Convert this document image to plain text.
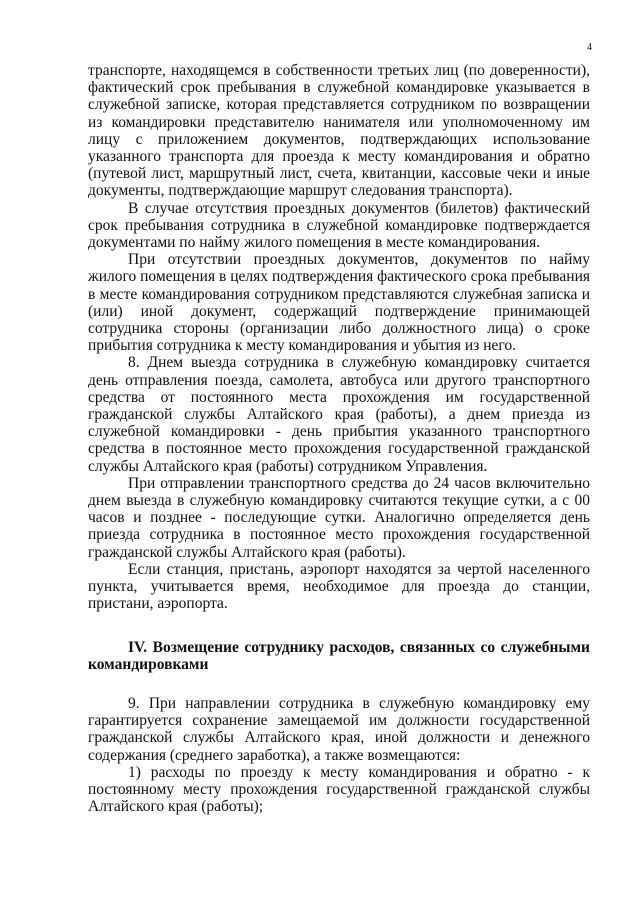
4

транспорте, находящемся в собственности третьих лиц (по доверенности), фактический срок пребывания в служебной командировке указывается в служебной записке, которая представляется сотрудником по возвращении из командировки представителю нанимателя или уполномоченному им лицу с приложением документов, подтверждающих использование указанного транспорта для проезда к месту командирования и обратно (путевой лист, маршрутный лист, счета, квитанции, кассовые чеки и иные документы, подтверждающие маршрут следования транспорта).

В случае отсутствия проездных документов (билетов) фактический срок пребывания сотрудника в служебной командировке подтверждается документами по найму жилого помещения в месте командирования.

При отсутствии проездных документов, документов по найму жилого помещения в целях подтверждения фактического срока пребывания в месте командирования сотрудником представляются служебная записка и (или) иной документ, содержащий подтверждение принимающей сотрудника стороны (организации либо должностного лица) о сроке прибытия сотрудника к месту командирования и убытия из него.

8. Днем выезда сотрудника в служебную командировку считается день отправления поезда, самолета, автобуса или другого транспортного средства от постоянного места прохождения им государственной гражданской службы Алтайского края (работы), а днем приезда из служебной командировки - день прибытия указанного транспортного средства в постоянное место прохождения государственной гражданской службы Алтайского края (работы) сотрудником Управления.

При отправлении транспортного средства до 24 часов включительно днем выезда в служебную командировку считаются текущие сутки, а с 00 часов и позднее - последующие сутки. Аналогично определяется день приезда сотрудника в постоянное место прохождения государственной гражданской службы Алтайского края (работы).

Если станция, пристань, аэропорт находятся за чертой населенного пункта, учитывается время, необходимое для проезда до станции, пристани, аэропорта.

IV. Возмещение сотруднику расходов, связанных со служебными командировками

9. При направлении сотрудника в служебную командировку ему гарантируется сохранение замещаемой им должности государственной гражданской службы Алтайского края, иной должности и денежного содержания (среднего заработка), а также возмещаются:

1) расходы по проезду к месту командирования и обратно - к постоянному месту прохождения государственной гражданской службы Алтайского края (работы);
